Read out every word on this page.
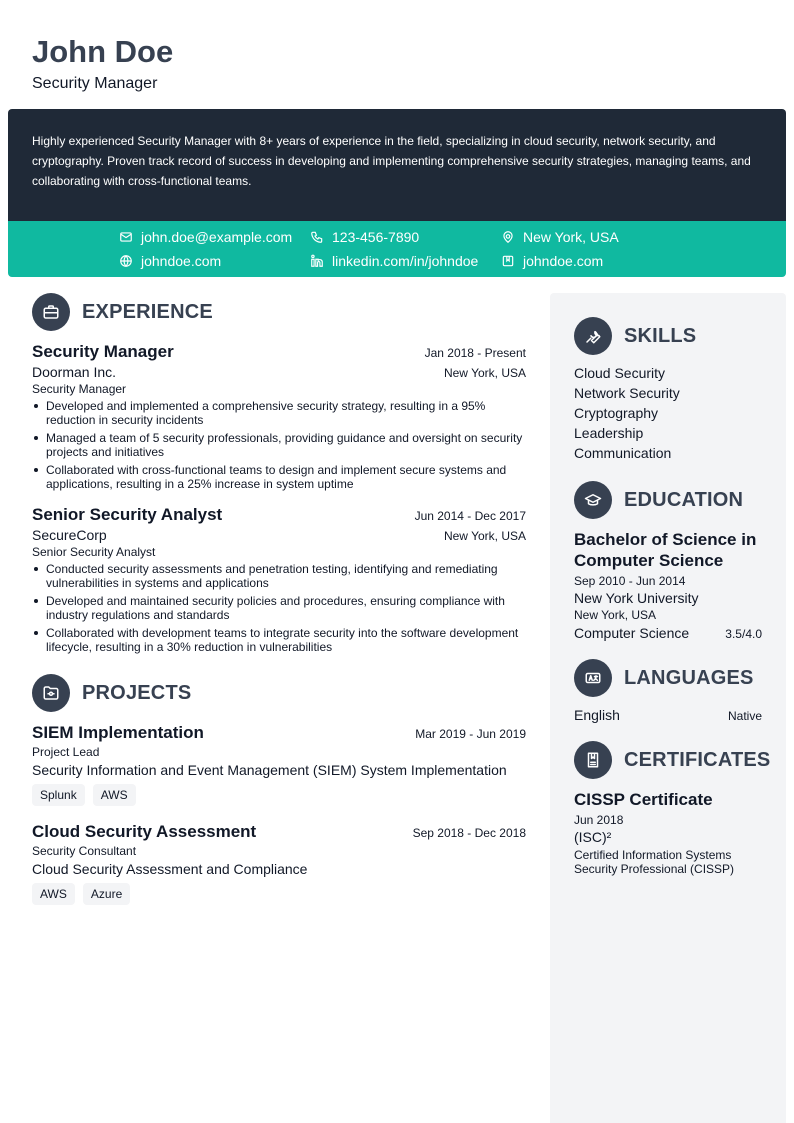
John Doe
Security Manager

Highly experienced Security Manager with 8+ years of experience in the field, specializing in cloud security, network security, and cryptography. Proven track record of success in developing and implementing comprehensive security strategies, managing teams, and collaborating with cross-functional teams.

john.doe@example.com	123-456-7890	New York, USA
johndoe.com	linkedin.com/in/johndoe	johndoe.com
EXPERIENCE
Security Manager	Jan 2018 - Present
Doorman Inc.	New York, USA
Security Manager
Developed and implemented a comprehensive security strategy, resulting in a 95% reduction in security incidents
Managed a team of 5 security professionals, providing guidance and oversight on security projects and initiatives
Collaborated with cross-functional teams to design and implement secure systems and applications, resulting in a 25% increase in system uptime
Senior Security Analyst	Jun 2014 - Dec 2017
SecureCorp	New York, USA
Senior Security Analyst
Conducted security assessments and penetration testing, identifying and remediating vulnerabilities in systems and applications
Developed and maintained security policies and procedures, ensuring compliance with industry regulations and standards
Collaborated with development teams to integrate security into the software development lifecycle, resulting in a 30% reduction in vulnerabilities
PROJECTS
SIEM Implementation	Mar 2019 - Jun 2019
Project Lead
Security Information and Event Management (SIEM) System Implementation
Splunk	AWS
Cloud Security Assessment	Sep 2018 - Dec 2018
Security Consultant
Cloud Security Assessment and Compliance
AWS	Azure
SKILLS
Cloud Security
Network Security
Cryptography
Leadership
Communication
EDUCATION
Bachelor of Science in Computer Science
Sep 2010 - Jun 2014
New York University
New York, USA
Computer Science	3.5/4.0
LANGUAGES
English	Native
CERTIFICATES
CISSP Certificate
Jun 2018
(ISC)²
Certified Information Systems Security Professional (CISSP)
